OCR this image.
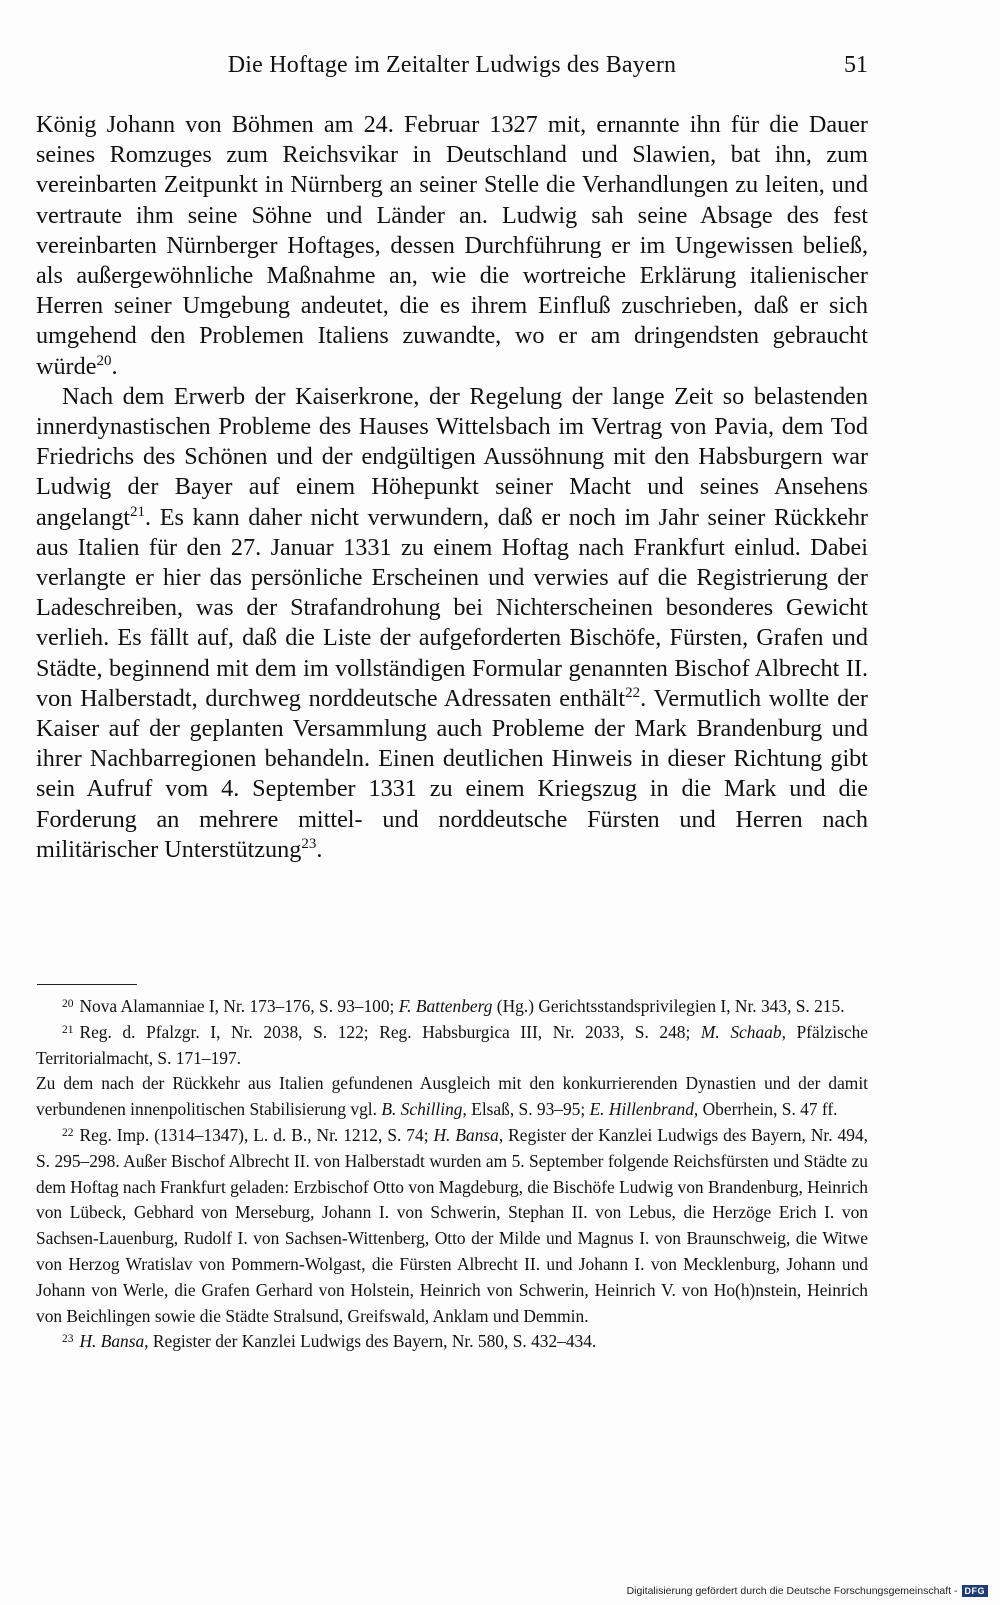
Die Hoftage im Zeitalter Ludwigs des Bayern	51

König Johann von Böhmen am 24. Februar 1327 mit, ernannte ihn für die Dauer seines Romzuges zum Reichsvikar in Deutschland und Slawien, bat ihn, zum vereinbarten Zeitpunkt in Nürnberg an seiner Stelle die Verhandlungen zu leiten, und vertraute ihm seine Söhne und Länder an. Ludwig sah seine Absage des fest vereinbarten Nürnberger Hoftages, dessen Durchführung er im Ungewissen beließ, als außergewöhnliche Maßnahme an, wie die wortreiche Erklärung italienischer Herren seiner Umgebung andeutet, die es ihrem Einfluß zuschrieben, daß er sich umgehend den Problemen Italiens zuwandte, wo er am dringendsten gebraucht würde$^{20}$.

Nach dem Erwerb der Kaiserkrone, der Regelung der lange Zeit so belastenden innerdynastischen Probleme des Hauses Wittelsbach im Vertrag von Pavia, dem Tod Friedrichs des Schönen und der endgültigen Aussöhnung mit den Habsburgern war Ludwig der Bayer auf einem Höhepunkt seiner Macht und seines Ansehens angelangt$^{21}$. Es kann daher nicht verwundern, daß er noch im Jahr seiner Rückkehr aus Italien für den 27. Januar 1331 zu einem Hoftag nach Frankfurt einlud. Dabei verlangte er hier das persönliche Erscheinen und verwies auf die Registrierung der Ladeschreiben, was der Strafandrohung bei Nichterscheinen besonderes Gewicht verlieh. Es fällt auf, daß die Liste der aufgeforderten Bischöfe, Fürsten, Grafen und Städte, beginnend mit dem im vollständigen Formular genannten Bischof Albrecht II. von Halberstadt, durchweg norddeutsche Adressaten enthält$^{22}$. Vermutlich wollte der Kaiser auf der geplanten Versammlung auch Probleme der Mark Brandenburg und ihrer Nachbarregionen behandeln. Einen deutlichen Hinweis in dieser Richtung gibt sein Aufruf vom 4. September 1331 zu einem Kriegszug in die Mark und die Forderung an mehrere mittel- und norddeutsche Fürsten und Herren nach militärischer Unterstützung$^{23}$.

$^{20}$ Nova Alamanniae I, Nr. 173–176, S. 93–100; F. Battenberg (Hg.) Gerichtsstandsprivilegien I, Nr. 343, S. 215.

$^{21}$ Reg. d. Pfalzgr. I, Nr. 2038, S. 122; Reg. Habsburgica III, Nr. 2033, S. 248; M. Schaab, Pfälzische Territorialmacht, S. 171–197.

Zu dem nach der Rückkehr aus Italien gefundenen Ausgleich mit den konkurrierenden Dynastien und der damit verbundenen innenpolitischen Stabilisierung vgl. B. Schilling, Elsaß, S. 93–95; E. Hillenbrand, Oberrhein, S. 47 ff.

$^{22}$ Reg. Imp. (1314–1347), L. d. B., Nr. 1212, S. 74; H. Bansa, Register der Kanzlei Ludwigs des Bayern, Nr. 494, S. 295–298. Außer Bischof Albrecht II. von Halberstadt wurden am 5. September folgende Reichsfürsten und Städte zu dem Hoftag nach Frankfurt geladen: Erzbischof Otto von Magdeburg, die Bischöfe Ludwig von Brandenburg, Heinrich von Lübeck, Gebhard von Merseburg, Johann I. von Schwerin, Stephan II. von Lebus, die Herzöge Erich I. von Sachsen-Lauenburg, Rudolf I. von Sachsen-Wittenberg, Otto der Milde und Magnus I. von Braunschweig, die Witwe von Herzog Wratislav von Pommern-Wolgast, die Fürsten Albrecht II. und Johann I. von Mecklenburg, Johann und Johann von Werle, die Grafen Gerhard von Holstein, Heinrich von Schwerin, Heinrich V. von Ho(h)nstein, Heinrich von Beichlingen sowie die Städte Stralsund, Greifswald, Anklam und Demmin.

$^{23}$ H. Bansa, Register der Kanzlei Ludwigs des Bayern, Nr. 580, S. 432–434.

Digitalisierung gefördert durch die Deutsche Forschungsgemeinschaft - DFG
